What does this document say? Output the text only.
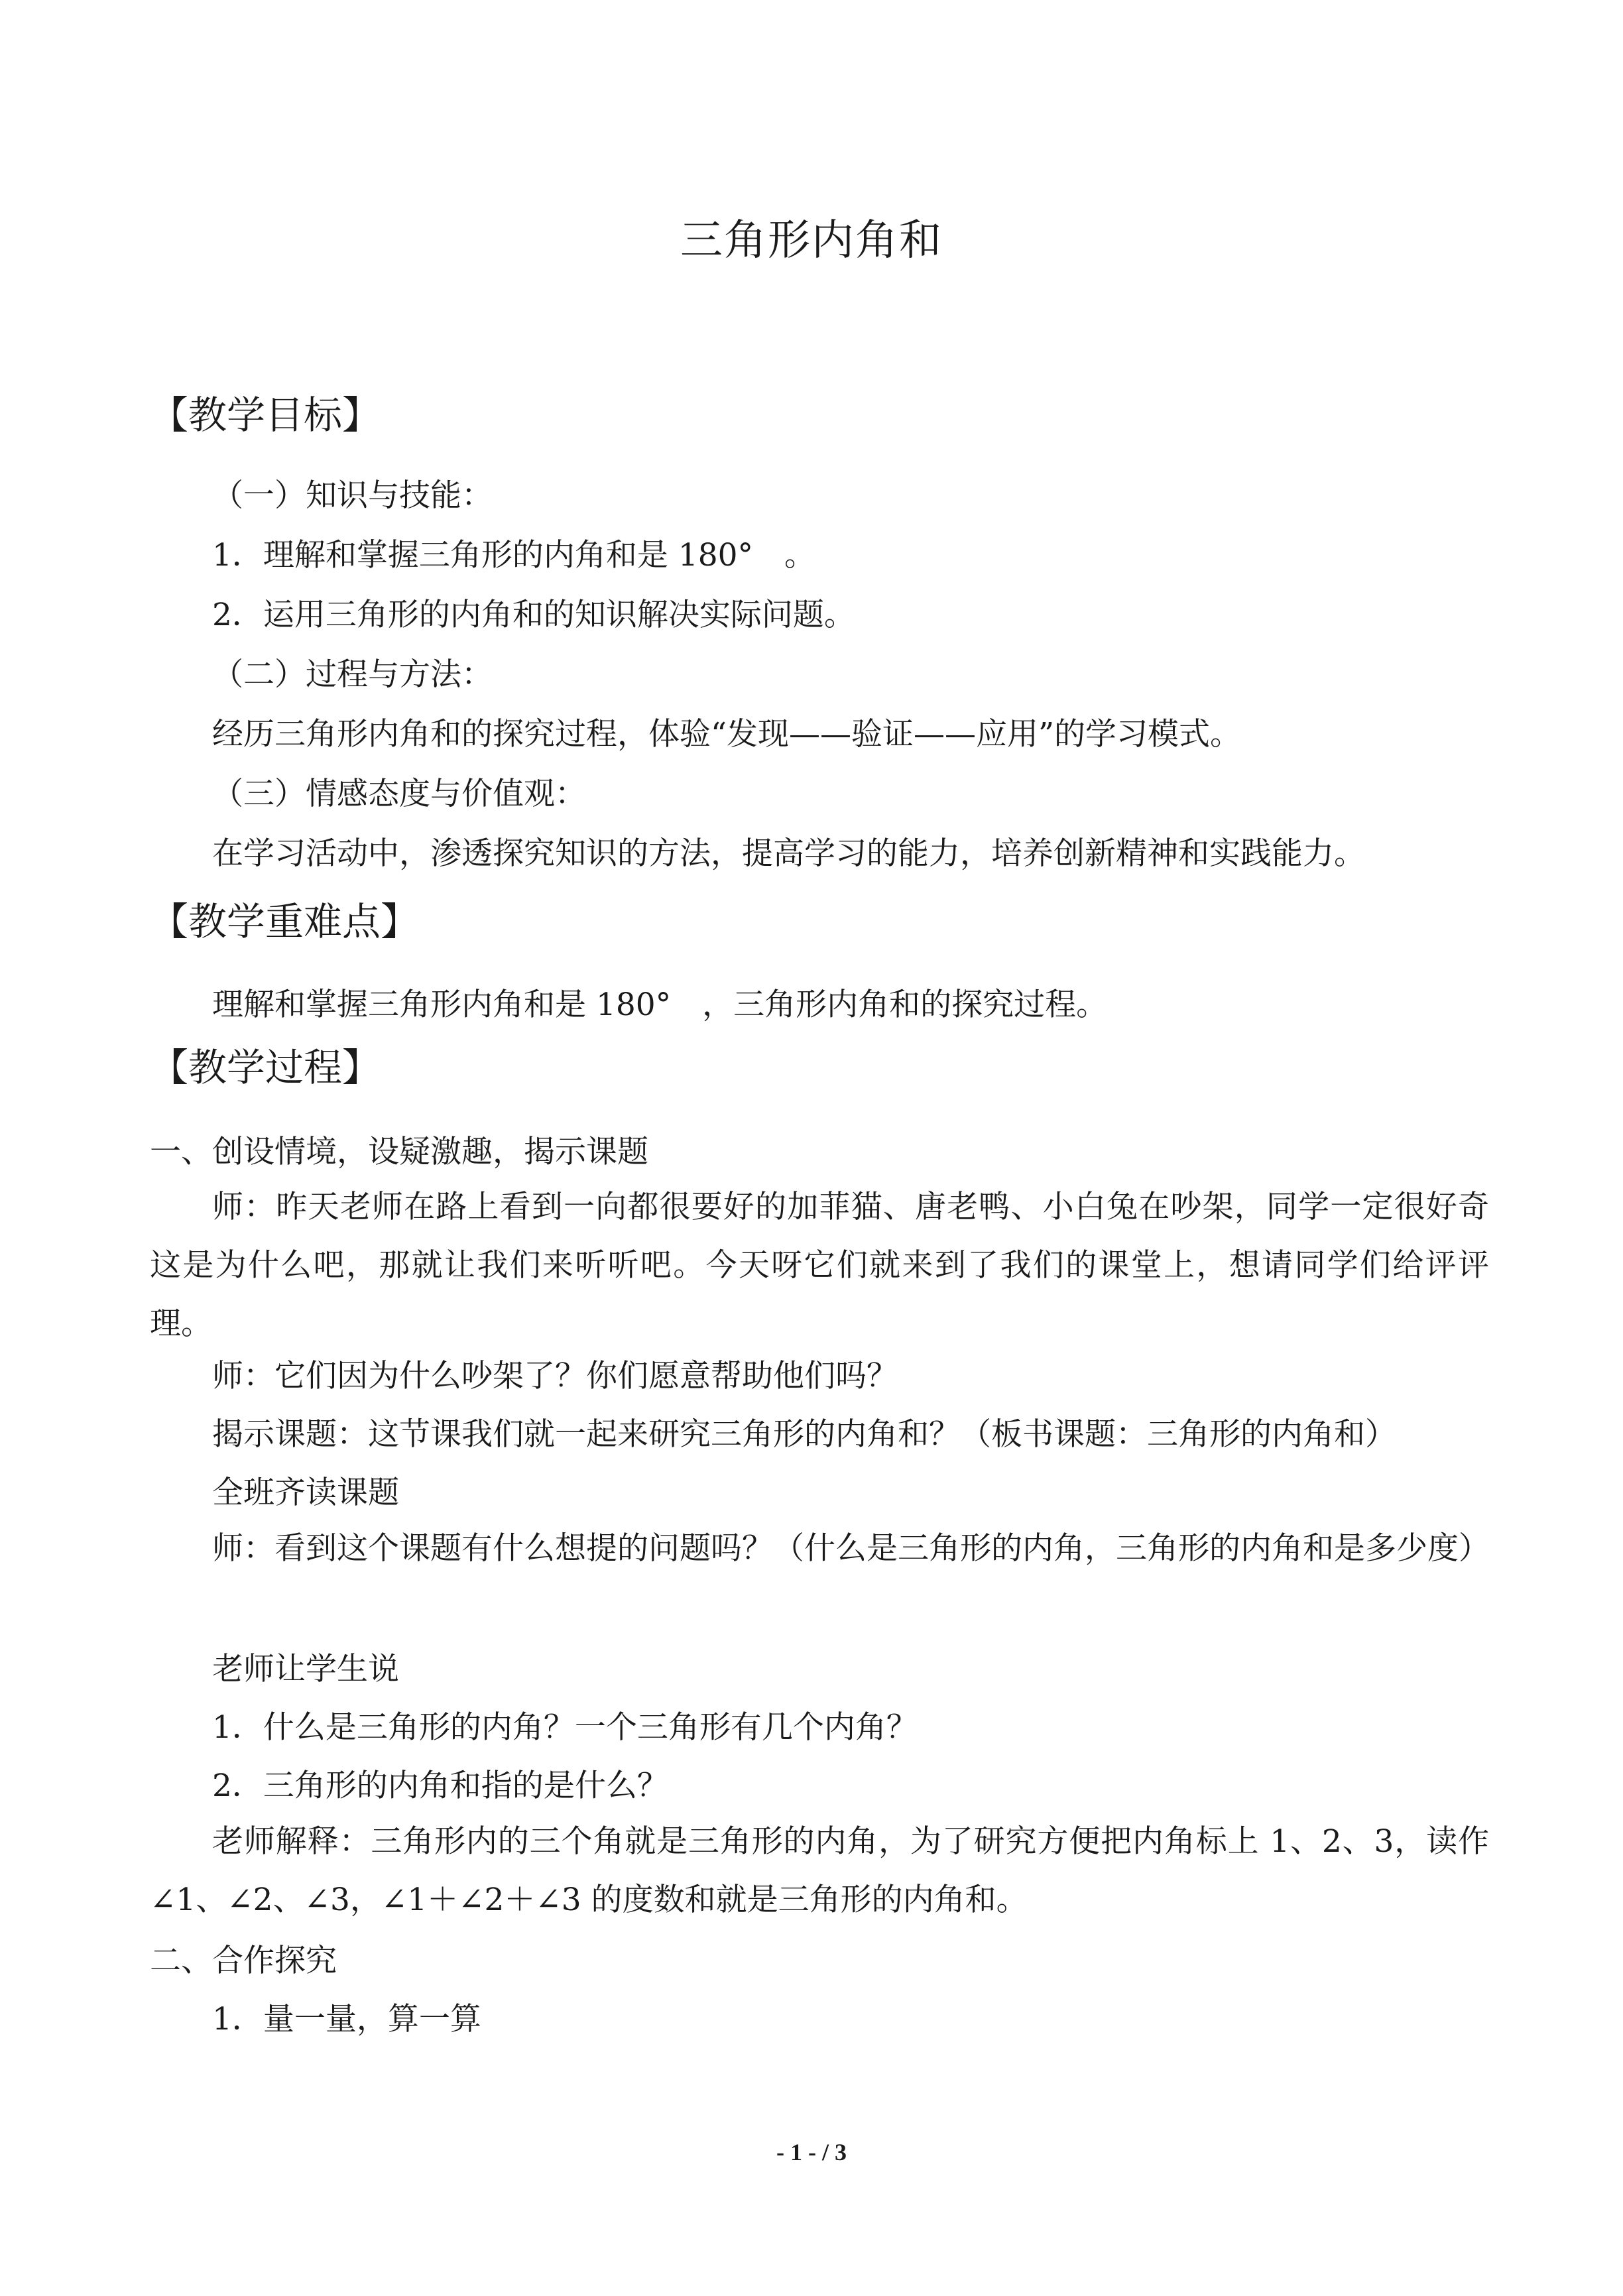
三角形内角和
【教学目标】
（一）知识与技能：
1．理解和掌握三角形的内角和是 180°　。
2．运用三角形的内角和的知识解决实际问题。
（二）过程与方法：
经历三角形内角和的探究过程，体验“发现——验证——应用”的学习模式。
（三）情感态度与价值观：
在学习活动中，渗透探究知识的方法，提高学习的能力，培养创新精神和实践能力。
【教学重难点】
理解和掌握三角形内角和是 180°　，三角形内角和的探究过程。
【教学过程】
一、创设情境，设疑激趣，揭示课题
师：昨天老师在路上看到一向都很要好的加菲猫、唐老鸭、小白兔在吵架，同学一定很好奇这是为什么吧，那就让我们来听听吧。今天呀它们就来到了我们的课堂上，想请同学们给评评理。
师：它们因为什么吵架了？你们愿意帮助他们吗？
揭示课题：这节课我们就一起来研究三角形的内角和？（板书课题：三角形的内角和）
全班齐读课题
师：看到这个课题有什么想提的问题吗？（什么是三角形的内角，三角形的内角和是多少度）
老师让学生说
1．什么是三角形的内角？一个三角形有几个内角？
2．三角形的内角和指的是什么？
老师解释：三角形内的三个角就是三角形的内角，为了研究方便把内角标上 1、2、3，读作∠1、∠2、∠3，∠1＋∠2＋∠3 的度数和就是三角形的内角和。
二、合作探究
1．量一量，算一算
- 1 - / 3
